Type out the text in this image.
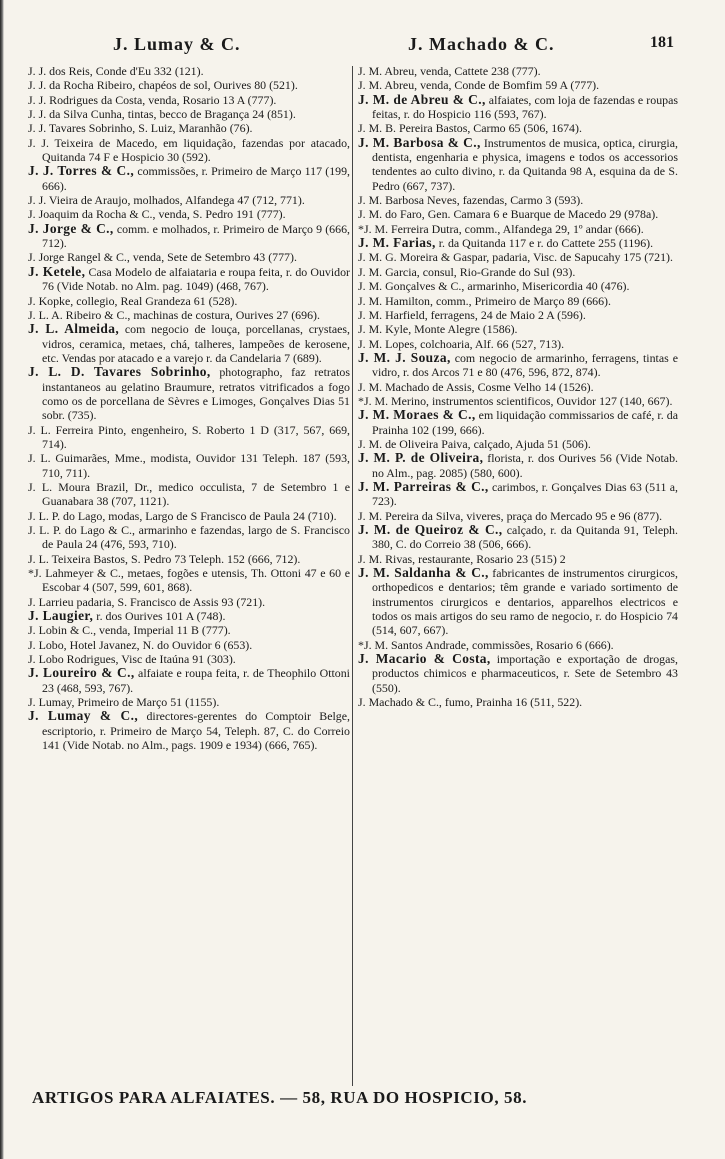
J. Lumay & C.	J. Machado & C.	181

J. J. dos Reis, Conde d'Eu 332 (121).

J. J. da Rocha Ribeiro, chapéos de sol, Ourives 80 (521).

J. J. Rodrigues da Costa, venda, Rosario 13 A (777).

J. J. da Silva Cunha, tintas, becco de Bragança 24 (851).

J. J. Tavares Sobrinho, S. Luiz, Maranhão (76).

J. J. Teixeira de Macedo, em liquidação, fazendas por atacado, Quitanda 74 F e Hospicio 30 (592).

J. J. Torres & C., commissões, r. Primeiro de Março 117 (199, 666).

J. J. Vieira de Araujo, molhados, Alfandega 47 (712, 771).

J. Joaquim da Rocha & C., venda, S. Pedro 191 (777).

J. Jorge & C., comm. e molhados, r. Primeiro de Março 9 (666, 712).

J. Jorge Rangel & C., venda, Sete de Setembro 43 (777).

J. Ketele, Casa Modelo de alfaiataria e roupa feita, r. do Ouvidor 76 (Vide Notab. no Alm. pag. 1049) (468, 767).

J. Kopke, collegio, Real Grandeza 61 (528).

J. L. A. Ribeiro & C., machinas de costura, Ourives 27 (696).

J. L. Almeida, com negocio de louça, porcellanas, crystaes, vidros, ceramica, metaes, chá, talheres, lampeões de kerosene, etc. Vendas por atacado e a varejo r. da Candelaria 7 (689).

J. L. D. Tavares Sobrinho, photographo, faz retratos instantaneos au gelatino Braumure, retratos vitrificados a fogo como os de porcellana de Sèvres e Limoges, Gonçalves Dias 51 sobr. (735).

J. L. Ferreira Pinto, engenheiro, S. Roberto 1 D (317, 567, 669, 714).

J. L. Guimarães, Mme., modista, Ouvidor 131 Teleph. 187 (593, 710, 711).

J. L. Moura Brazil, Dr., medico occulista, 7 de Setembro 1 e Guanabara 38 (707, 1121).

J. L. P. do Lago, modas, Largo de S Francisco de Paula 24 (710).

J. L. P. do Lago & C., armarinho e fazendas, largo de S. Francisco de Paula 24 (476, 593, 710).

J. L. Teixeira Bastos, S. Pedro 73 Teleph. 152 (666, 712).

*J. Lahmeyer & C., metaes, fogões e utensis, Th. Ottoni 47 e 60 e Escobar 4 (507, 599, 601, 868).

J. Larrieu padaria, S. Francisco de Assis 93 (721).

J. Laugier, r. dos Ourives 101 A (748).

J. Lobin & C., venda, Imperial 11 B (777).

J. Lobo, Hotel Javanez, N. do Ouvidor 6 (653).

J. Lobo Rodrigues, Visc de Itaúna 91 (303).

J. Loureiro & C., alfaiate e roupa feita, r. de Theophilo Ottoni 23 (468, 593, 767).

J. Lumay, Primeiro de Março 51 (1155).

J. Lumay & C., directores-gerentes do Comptoir Belge, escriptorio, r. Primeiro de Março 54, Teleph. 87, C. do Correio 141 (Vide Notab. no Alm., pags. 1909 e 1934) (666, 765).

J. M. Abreu, venda, Cattete 238 (777).

J. M. Abreu, venda, Conde de Bomfim 59 A (777).

J. M. de Abreu & C., alfaiates, com loja de fazendas e roupas feitas, r. do Hospicio 116 (593, 767).

J. M. B. Pereira Bastos, Carmo 65 (506, 1674).

J. M. Barbosa & C., Instrumentos de musica, optica, cirurgia, dentista, engenharia e physica, imagens e todos os accessorios tendentes ao culto divino, r. da Quitanda 98 A, esquina da de S. Pedro (667, 737).

J. M. Barbosa Neves, fazendas, Carmo 3 (593).

J. M. do Faro, Gen. Camara 6 e Buarque de Macedo 29 (978a).

*J. M. Ferreira Dutra, comm., Alfandega 29, 1º andar (666).

J. M. Farias, r. da Quitanda 117 e r. do Cattete 255 (1196).

J. M. G. Moreira & Gaspar, padaria, Visc. de Sapucahy 175 (721).

J. M. Garcia, consul, Rio-Grande do Sul (93).

J. M. Gonçalves & C., armarinho, Misericordia 40 (476).

J. M. Hamilton, comm., Primeiro de Março 89 (666).

J. M. Harfield, ferragens, 24 de Maio 2 A (596).

J. M. Kyle, Monte Alegre (1586).

J. M. Lopes, colchoaria, Alf. 66 (527, 713).

J. M. J. Souza, com negocio de armarinho, ferragens, tintas e vidro, r. dos Arcos 71 e 80 (476, 596, 872, 874).

J. M. Machado de Assis, Cosme Velho 14 (1526).

*J. M. Merino, instrumentos scientificos, Ouvidor 127 (140, 667).

J. M. Moraes & C., em liquidação commissarios de café, r. da Prainha 102 (199, 666).

J. M. de Oliveira Paiva, calçado, Ajuda 51 (506).

J. M. P. de Oliveira, florista, r. dos Ourives 56 (Vide Notab. no Alm., pag. 2085) (580, 600).

J. M. Parreiras & C., carimbos, r. Gonçalves Dias 63 (511 a, 723).

J. M. Pereira da Silva, viveres, praça do Mercado 95 e 96 (877).

J. M. de Queiroz & C., calçado, r. da Quitanda 91, Teleph. 380, C. do Correio 38 (506, 666).

J. M. Rivas, restaurante, Rosario 23 (515) 2

J. M. Saldanha & C., fabricantes de instrumentos cirurgicos, orthopedicos e dentarios; têm grande e variado sortimento de instrumentos cirurgicos e dentarios, apparelhos electricos e todos os mais artigos do seu ramo de negocio, r. do Hospicio 74 (514, 607, 667).

*J. M. Santos Andrade, commissões, Rosario 6 (666).

J. Macario & Costa, importação e exportação de drogas, productos chimicos e pharmaceuticos, r. Sete de Setembro 43 (550).

J. Machado & C., fumo, Prainha 16 (511, 522).

ARTIGOS PARA ALFAIATES. — 58, RUA DO HOSPICIO, 58.
